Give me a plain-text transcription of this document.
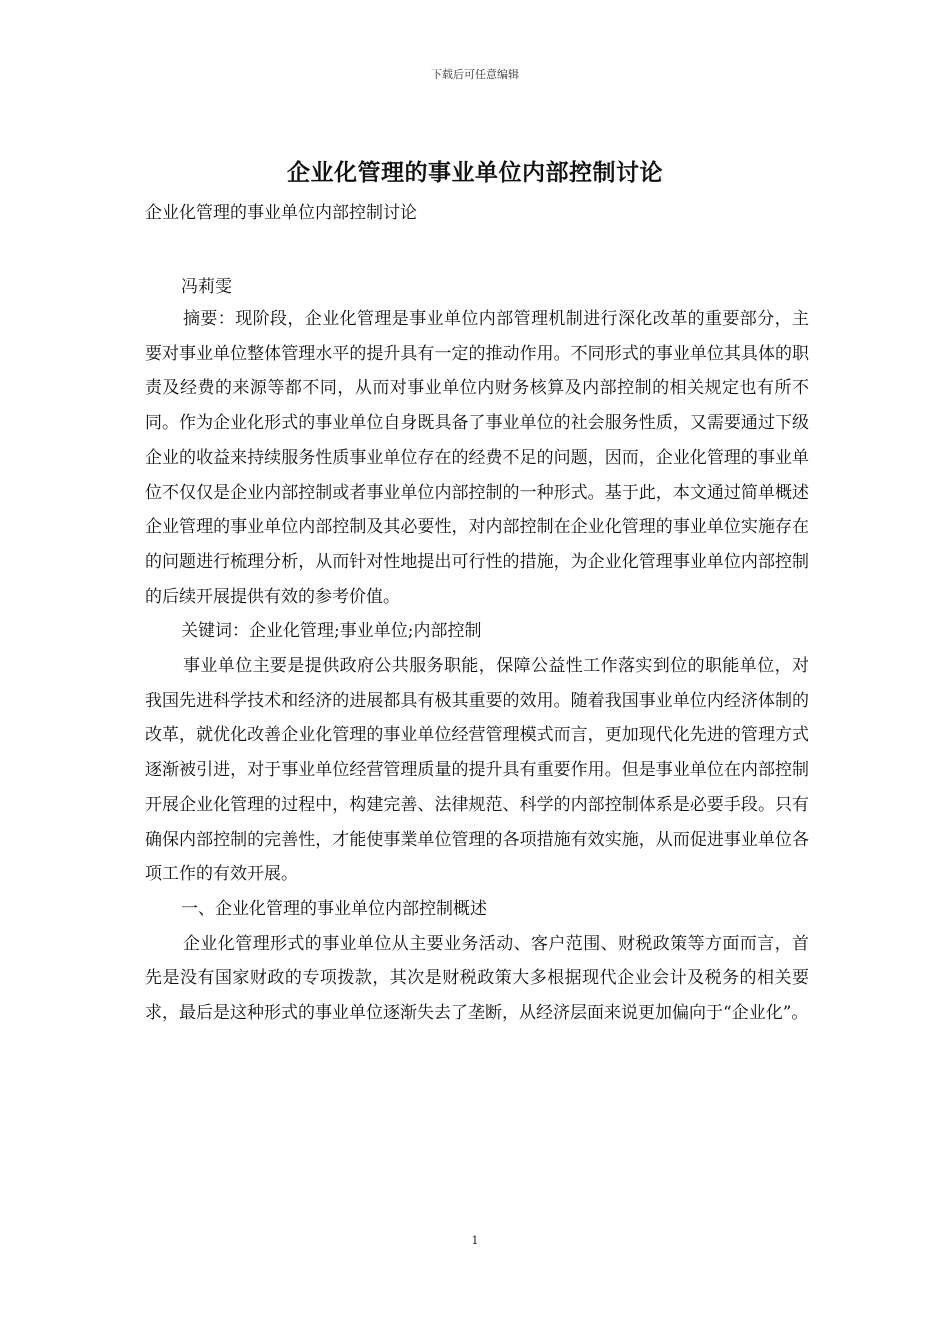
下载后可任意编辑
企业化管理的事业单位内部控制讨论
企业化管理的事业单位内部控制讨论
冯莉雯

摘要：现阶段，企业化管理是事业单位内部管理机制进行深化改革的重要部分，主要对事业单位整体管理水平的提升具有一定的推动作用。不同形式的事业单位其具体的职责及经费的来源等都不同，从而对事业单位内财务核算及内部控制的相关规定也有所不同。作为企业化形式的事业单位自身既具备了事业单位的社会服务性质，又需要通过下级企业的收益来持续服务性质事业单位存在的经费不足的问题，因而，企业化管理的事业单位不仅仅是企业内部控制或者事业单位内部控制的一种形式。基于此，本文通过简单概述企业管理的事业单位内部控制及其必要性，对内部控制在企业化管理的事业单位实施存在的问题进行梳理分析，从而针对性地提出可行性的措施，为企业化管理事业单位内部控制的后续开展提供有效的参考价值。

关键词：企业化管理;事业单位;内部控制

事业单位主要是提供政府公共服务职能，保障公益性工作落实到位的职能单位，对我国先进科学技术和经济的进展都具有极其重要的效用。随着我国事业单位内经济体制的改革，就优化改善企业化管理的事业单位经营管理模式而言，更加现代化先进的管理方式逐渐被引进，对于事业单位经营管理质量的提升具有重要作用。但是事业单位在内部控制开展企业化管理的过程中，构建完善、法律规范、科学的内部控制体系是必要手段。只有确保内部控制的完善性，才能使事業单位管理的各项措施有效实施，从而促进事业单位各项工作的有效开展。

一、企业化管理的事业单位内部控制概述

企业化管理形式的事业单位从主要业务活动、客户范围、财税政策等方面而言，首先是没有国家财政的专项拨款，其次是财税政策大多根据现代企业会计及税务的相关要求，最后是这种形式的事业单位逐渐失去了垄断，从经济层面来说更加偏向于“企业化”。

1
